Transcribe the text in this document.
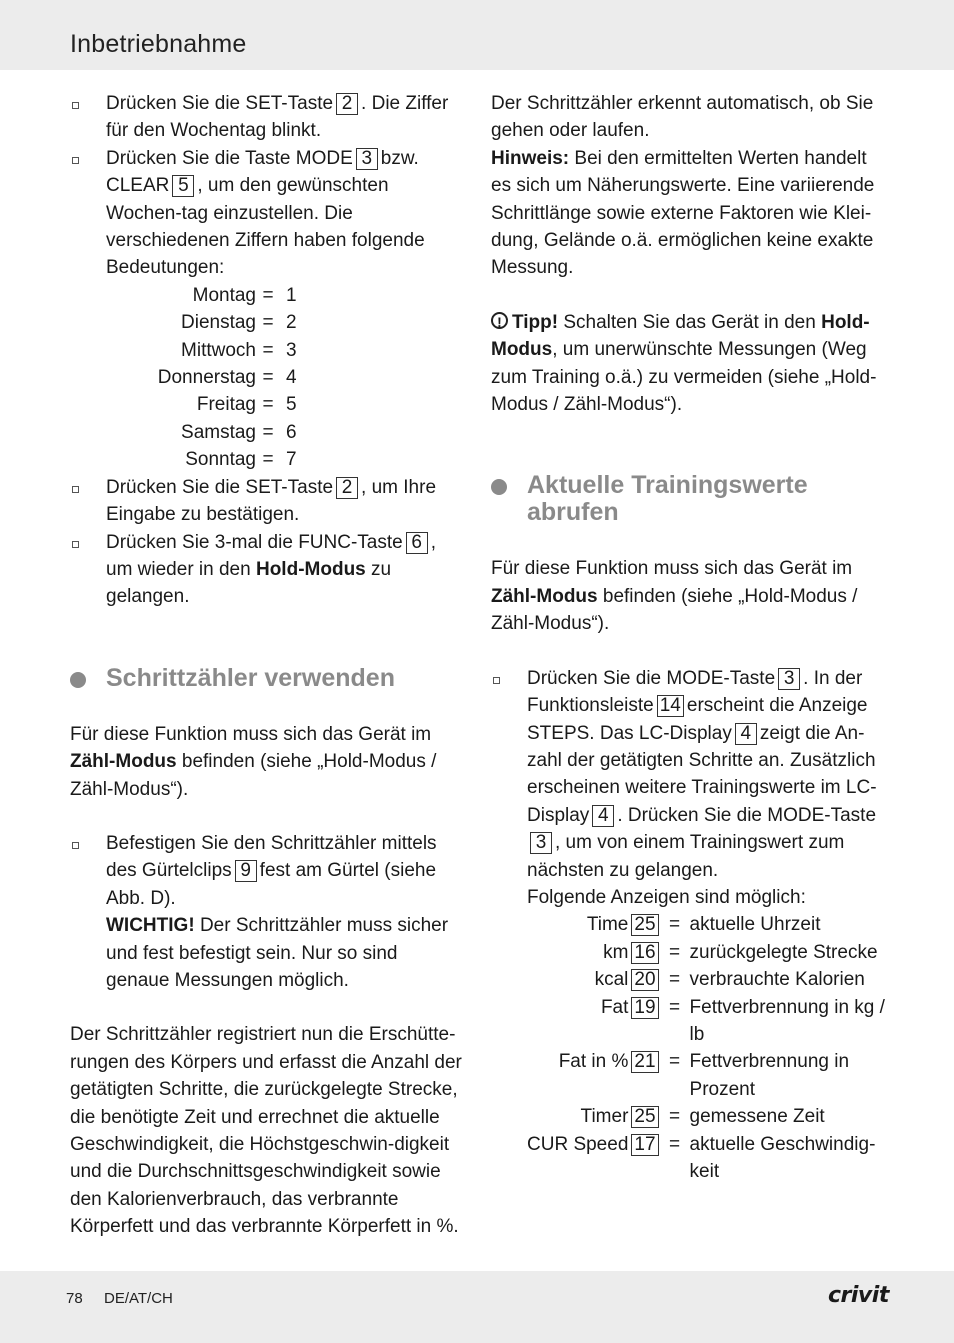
Inbetriebnahme
Drücken Sie die SET-Taste 2 . Die Ziffer für den Wochentag blinkt.
Drücken Sie die Taste MODE 3 bzw. CLEAR 5 , um den gewünschten Wochen-tag einzustellen. Die verschiedenen Ziffern haben folgende Bedeutungen:
Montag	=	1
Dienstag	=	2
Mittwoch	=	3
Donnerstag	=	4
Freitag	=	5
Samstag	=	6
Sonntag	=	7
Drücken Sie die SET-Taste 2 , um Ihre Eingabe zu bestätigen.
Drücken Sie 3-mal die FUNC-Taste 6 , um wieder in den Hold-Modus zu gelangen.
Schrittzähler verwenden

Für diese Funktion muss sich das Gerät im Zähl-Modus befinden (siehe „Hold-Modus / Zähl-Modus“).

Befestigen Sie den Schrittzähler mittels des Gürtelclips 9 fest am Gürtel (siehe Abb. D).
WICHTIG! Der Schrittzähler muss sicher und fest befestigt sein. Nur so sind genaue Messungen möglich.

Der Schrittzähler registriert nun die Erschütte-rungen des Körpers und erfasst die Anzahl der getätigten Schritte, die zurückgelegte Strecke, die benötigte Zeit und errechnet die aktuelle Geschwindigkeit, die Höchstgeschwin-digkeit und die Durchschnittsgeschwindigkeit sowie den Kalorienverbrauch, das verbrannte Körperfett und das verbrannte Körperfett in %.

Der Schrittzähler erkennt automatisch, ob Sie gehen oder laufen.

Hinweis: Bei den ermittelten Werten handelt es sich um Näherungswerte. Eine variierende Schrittlänge sowie externe Faktoren wie Klei-dung, Gelände o.ä. ermöglichen keine exakte Messung.

! Tipp! Schalten Sie das Gerät in den Hold-Modus, um unerwünschte Messungen (Weg zum Training o.ä.) zu vermeiden (siehe „Hold-Modus / Zähl-Modus“).

Aktuelle Trainingswerte abrufen

Für diese Funktion muss sich das Gerät im Zähl-Modus befinden (siehe „Hold-Modus / Zähl-Modus“).

Drücken Sie die MODE-Taste 3 . In der Funktionsleiste 14 erscheint die Anzeige STEPS. Das LC-Display 4 zeigt die An-zahl der getätigten Schritte an. Zusätzlich erscheinen weitere Trainingswerte im LC-Display 4 . Drücken Sie die MODE-Taste3 , um von einem Trainingswert zum nächsten zu gelangen.
Folgende Anzeigen sind möglich:
Time 25	=	aktuelle Uhrzeit
km 16	=	zurückgelegte Strecke
kcal 20	=	verbrauchte Kalorien
Fat 19	=	Fettverbrennung in kg / lb
Fat in % 21	=	Fettverbrennung in Prozent
Timer 25	=	gemessene Zeit
CUR Speed 17	=	aktuelle Geschwindig-keit
78 DE/AT/CH	crivit
